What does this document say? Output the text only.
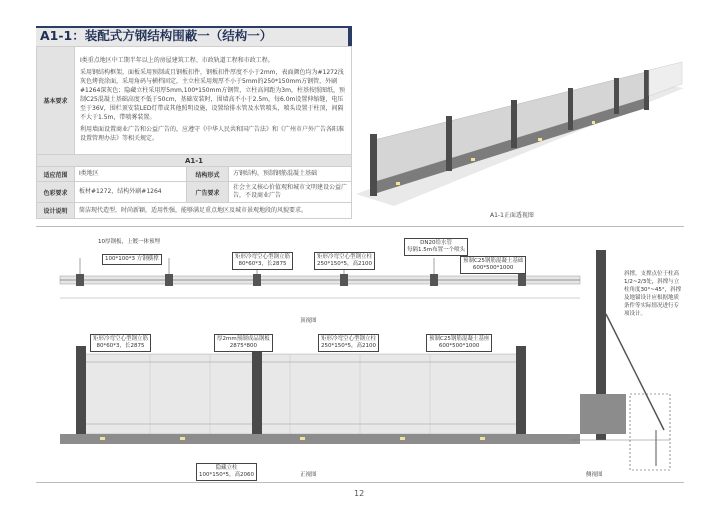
A1-1：装配式方钢结构围蔽一（结构一）
基本要求	Ⅰ类重点地区中工期半年以上的房屋建筑工程、市政轨道工程和市政工程。

采用钢结构框架，面板采用预制或且钢板扣件，钢板扣件厚度不小于2mm，表面颜色均为#1272浅灰色烤瓷涂面，采用角码与横档固定，主立柱采用规厚不小于5mm的250*150mm方钢管，外刷#1264深灰色；隐藏立柱采用厚5mm,100*150mm方钢管，立柱高间距为3m，柱基按照图纸，预制C25混凝土基础高度不低于50cm，基础安装时，围墙高不小于2.5m，每6.0m设置伸缩缝，电压至于36V，围栏顶安装LED灯带或其他照明设施，设置给排水管及水管喷头，喷头设置于柱顶，间隔不大于1.5m，带喷雾装置。

利用墙面设置商业广告和公益广告的，应遵守《中华人民共和国广告法》和《广州市户外广告各阳准设置管理办法》等相关规定。		

A1-1			
适应范围	Ⅰ类地区	结构形式	方钢结构，预制钢筋混凝土基础
色彩要求	板材#1272，结构外刷#1264	广告要求	社会主义核心价值观和城市文明建设公益广告，不设商业广告
设计说明	简洁现代造型，时尚新颖，适用性强，能够满足重点地区及城市景观地段的风貌要求。		
A1-1正面透视图
10厚钢板，上镀一体预埋
100*100*3 方钢横撑	矩形冷弯空心型钢立筋
80*60*3，长2875
矩形冷弯空心型钢立柱
250*150*5，高2100
DN20给水管
每隔1.5m布置一个喷头
预制C25钢筋混凝土基础
600*500*1000
顶视图
矩形冷弯空心型钢立筋
80*60*3，长2875
厚2mm预制成品钢板
2875*800
矩形冷弯空心型钢立柱
250*150*5，高2100
预制C25钢筋混凝土基座
600*500*1000
隐藏立柱
100*150*5，高2060	正视图
斜撑，支撑点位于柱高1/2~2/3处，斜撑与立柱角度30°~45°，斜撑及地锚设计应根据地质条件等实际情况进行专项设计。
侧视图
12
